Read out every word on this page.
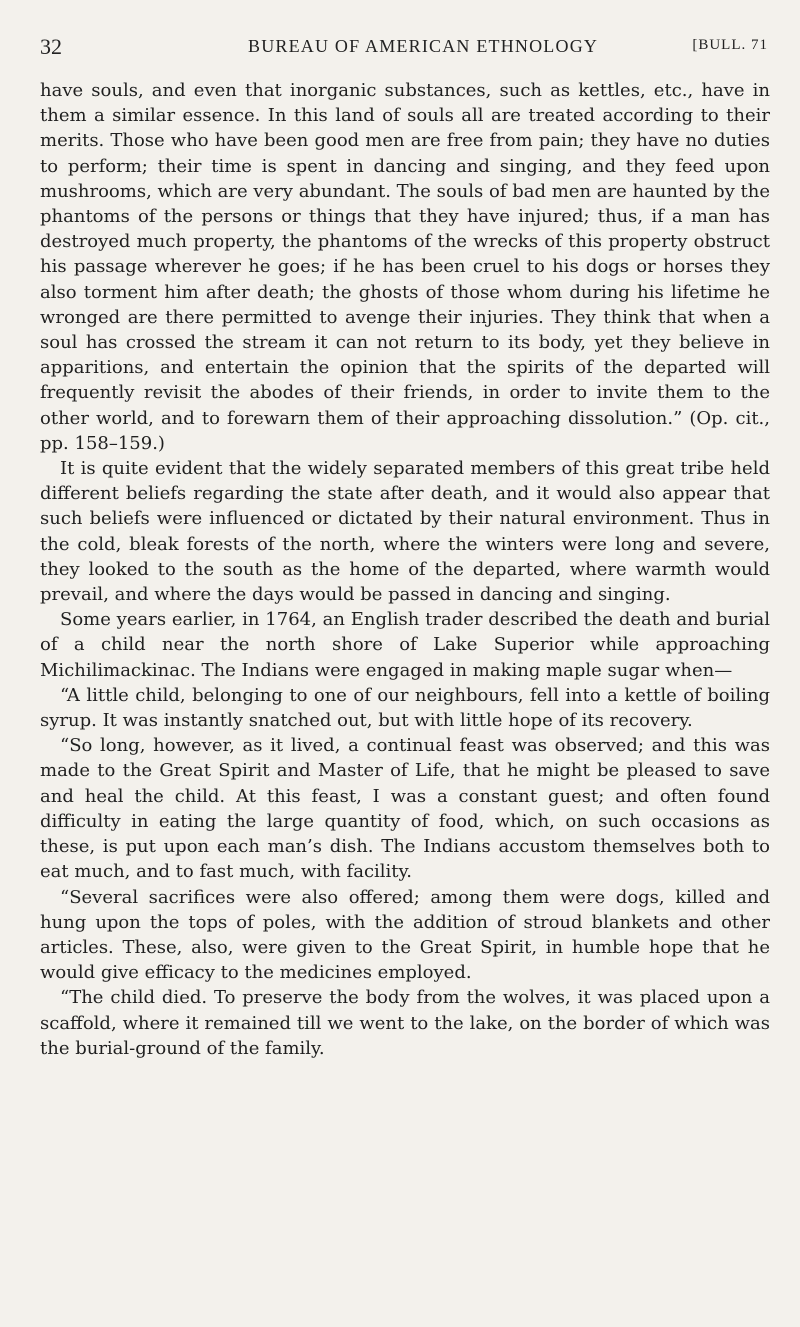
32	BUREAU OF AMERICAN ETHNOLOGY	[BULL. 71

have souls, and even that inorganic substances, such as kettles, etc., have in them a similar essence. In this land of souls all are treated according to their merits. Those who have been good men are free from pain; they have no duties to perform; their time is spent in dancing and singing, and they feed upon mushrooms, which are very abundant. The souls of bad men are haunted by the phantoms of the persons or things that they have injured; thus, if a man has destroyed much property, the phantoms of the wrecks of this property obstruct his passage wherever he goes; if he has been cruel to his dogs or horses they also torment him after death; the ghosts of those whom during his lifetime he wronged are there permitted to avenge their injuries. They think that when a soul has crossed the stream it can not return to its body, yet they believe in apparitions, and entertain the opinion that the spirits of the departed will frequently revisit the abodes of their friends, in order to invite them to the other world, and to forewarn them of their approaching dissolution.” (Op. cit., pp. 158–159.)

It is quite evident that the widely separated members of this great tribe held different beliefs regarding the state after death, and it would also appear that such beliefs were influenced or dictated by their natural environment. Thus in the cold, bleak forests of the north, where the winters were long and severe, they looked to the south as the home of the departed, where warmth would prevail, and where the days would be passed in dancing and singing.

Some years earlier, in 1764, an English trader described the death and burial of a child near the north shore of Lake Superior while approaching Michilimackinac. The Indians were engaged in making maple sugar when—

“A little child, belonging to one of our neighbours, fell into a kettle of boiling syrup. It was instantly snatched out, but with little hope of its recovery.

“So long, however, as it lived, a continual feast was observed; and this was made to the Great Spirit and Master of Life, that he might be pleased to save and heal the child. At this feast, I was a constant guest; and often found difficulty in eating the large quantity of food, which, on such occasions as these, is put upon each man’s dish. The Indians accustom themselves both to eat much, and to fast much, with facility.

“Several sacrifices were also offered; among them were dogs, killed and hung upon the tops of poles, with the addition of stroud blankets and other articles. These, also, were given to the Great Spirit, in humble hope that he would give efficacy to the medicines employed.

“The child died. To preserve the body from the wolves, it was placed upon a scaffold, where it remained till we went to the lake, on the border of which was the burial-ground of the family.
